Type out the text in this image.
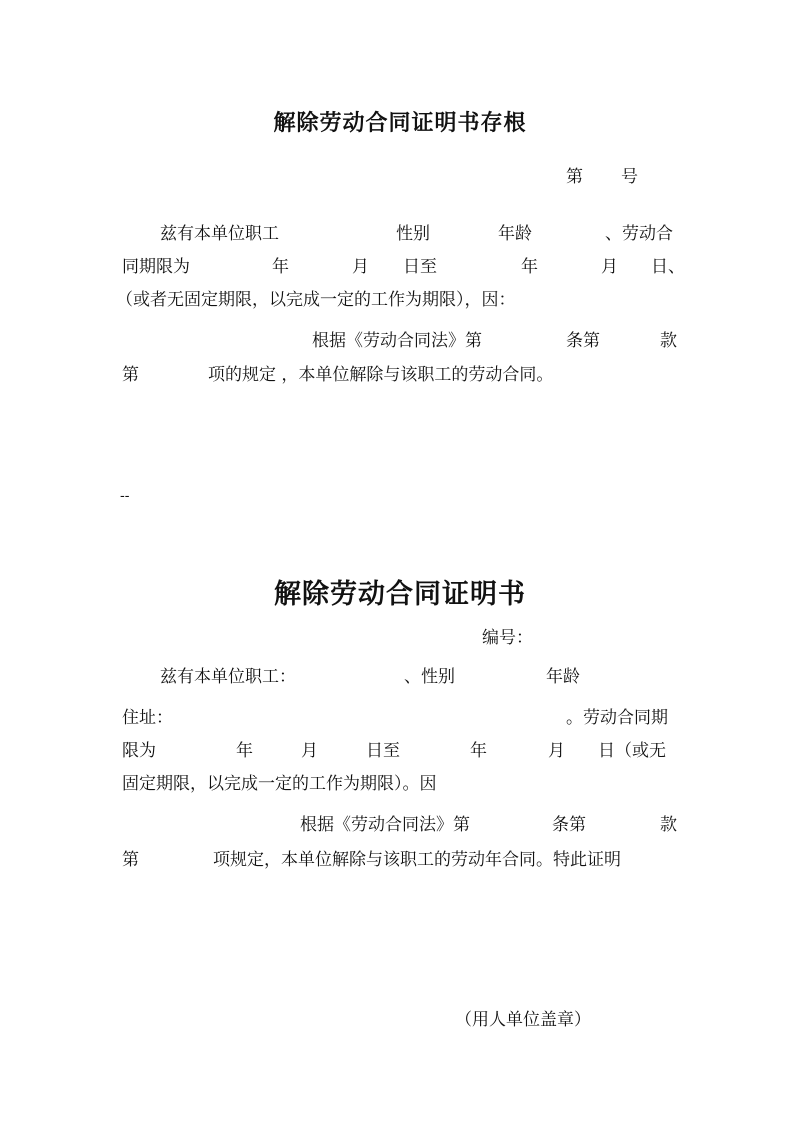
解除劳动合同证明书存根
第 号
兹有本单位职工	性别	年龄	、劳动合
同期限为	年	月 日至	年	月 日、
（或者无固定期限，以完成一定的工作为期限），因：
根据《劳动合同法》第	条第	款
第	项的规定 ，本单位解除与该职工的劳动合同。
--
解除劳动合同证明书
编号：
兹有本单位职工：	、性别	年龄
住址：	。劳动合同期
限为	年	月	日至	年	月 日（或无
固定期限，以完成一定的工作为期限）。因
根据《劳动合同法》第	条第	款
第	项规定，本单位解除与该职工的劳动年合同。特此证明
（用人单位盖章）
